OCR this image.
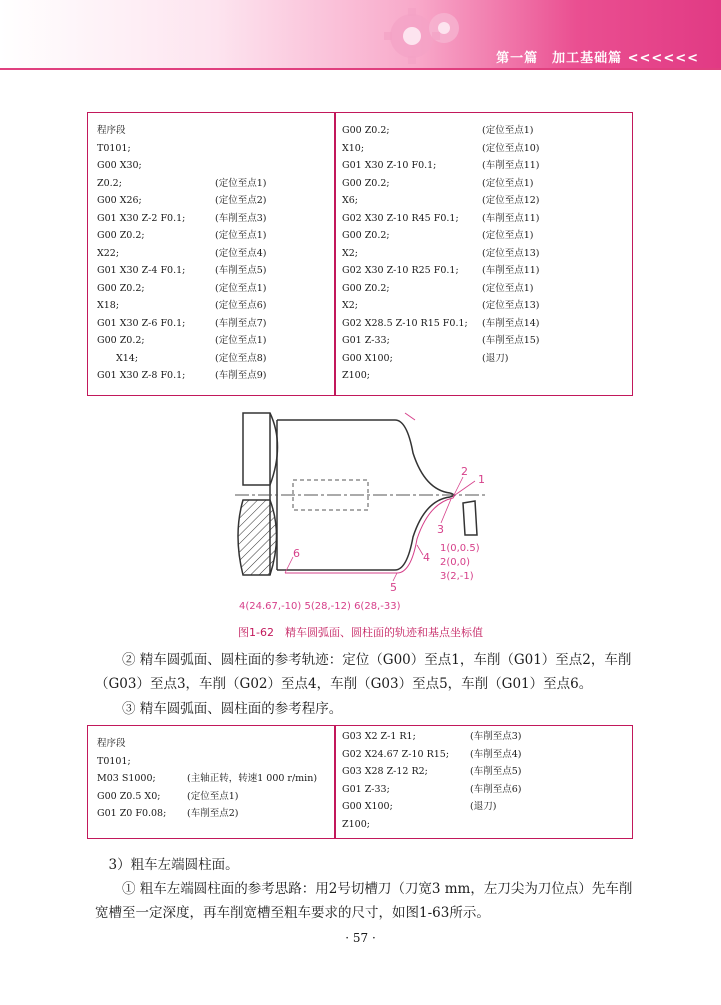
第一篇　加工基础篇 <<<<<<
程序段
T0101;
G00 X30;
Z0.2;	(定位至点1)
G00 X26;	(定位至点2)
G01 X30 Z-2 F0.1;	(车削至点3)
G00 Z0.2;	(定位至点1)
X22;	(定位至点4)
G01 X30 Z-4 F0.1;	(车削至点5)
G00 Z0.2;	(定位至点1)
X18;	(定位至点6)
G01 X30 Z-6 F0.1;	(车削至点7)
G00 Z0.2;	(定位至点1)
　　X14;	(定位至点8)
G01 X30 Z-8 F0.1;	(车削至点9)
G00 Z0.2;	(定位至点1)
X10;	(定位至点10)
G01 X30 Z-10 F0.1;	(车削至点11)
G00 Z0.2;	(定位至点1)
X6;	(定位至点12)
G02 X30 Z-10 R45 F0.1; (车削至点11)
G00 Z0.2;	(定位至点1)
X2;	(定位至点13)
G02 X30 Z-10 R25 F0.1; (车削至点11)
G00 Z0.2;	(定位至点1)
X2;	(定位至点13)
G02 X28.5 Z-10 R15 F0.1; (车削至点14)
G01 Z-33;	(车削至点15)
G00 X100;	(退刀)
Z100;
2
1
3
4
5
6	1(0,0.5)
2(0,0)
3(2,-1)
4(24.67,-10) 5(28,-12) 6(28,-33)
图1-62　精车圆弧面、圆柱面的轨迹和基点坐标值
② 精车圆弧面、圆柱面的参考轨迹：定位（G00）至点1，车削（G01）至点2，车削（G03）至点3，车削（G02）至点4，车削（G03）至点5，车削（G01）至点6。
③ 精车圆弧面、圆柱面的参考程序。
程序段
T0101;
M03 S1000;	(主轴正转，转速1 000 r/min)
G00 Z0.5 X0;	(定位至点1)
G01 Z0 F0.08; (车削至点2)
G03 X2 Z-1 R1;	(车削至点3)
G02 X24.67 Z-10 R15; (车削至点4)
G03 X28 Z-12 R2;	(车削至点5)
G01 Z-33;	(车削至点6)
G00 X100;	(退刀)
Z100;
3）粗车左端圆柱面。
① 粗车左端圆柱面的参考思路：用2号切槽刀（刀宽3 mm，左刀尖为刀位点）先车削宽槽至一定深度，再车削宽槽至粗车要求的尺寸，如图1-63所示。
· 57 ·
